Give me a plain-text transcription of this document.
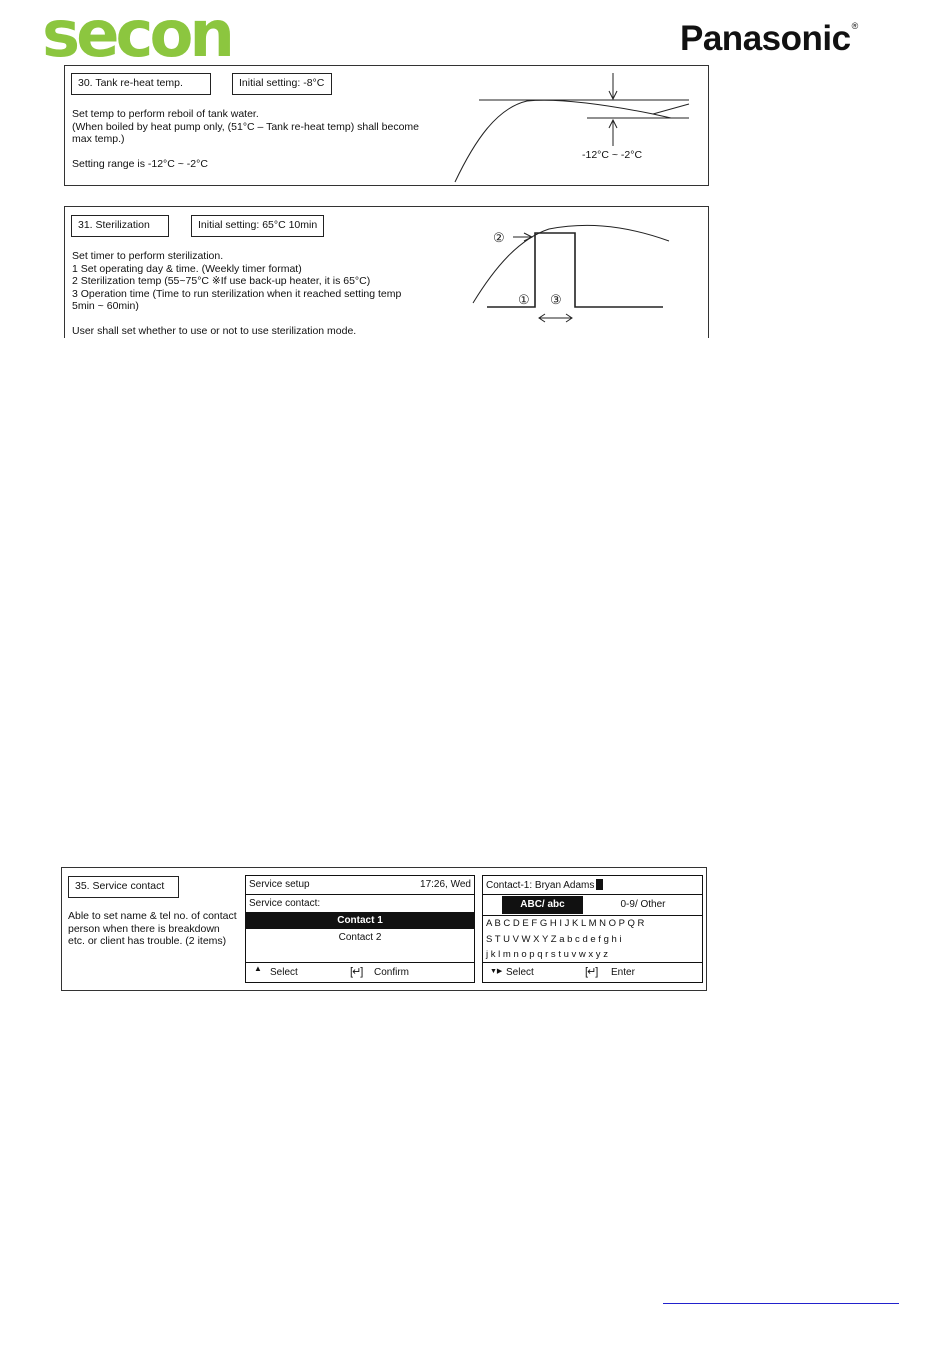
secon	Panasonic®
30. Tank re-heat temp.	Initial setting: -8°C
Set temp to perform reboil of tank water.
(When boiled by heat pump only, (51°C – Tank re-heat temp) shall become
max temp.)
Setting range is -12°C ~ -2°C
-12°C ~ -2°C
31. Sterilization	Initial setting: 65°C 10min
Set timer to perform sterilization.
1 Set operating day & time. (Weekly timer format)
2 Sterilization temp (55~75°C ※If use back-up heater, it is 65°C)
3 Operation time (Time to run sterilization when it reached setting temp
5min ~ 60min)
User shall set whether to use or not to use sterilization mode.
②
① ③
35. Service contact
Able to set name & tel no. of contact
person when there is breakdown
etc. or client has trouble. (2 items)
Service setup	17:26, Wed
Service contact:
Contact 1
Contact 2
▲ Select	[↵] Confirm
Contact-1: Bryan Adams
ABC/ abc	0-9/ Other
A B C D E F G H I J K L M N O P Q R
S T U V W X Y Z a b c d e f g h i
j k l m n o p q r s t u v w x y z
▼▶ Select	[↵] Enter
